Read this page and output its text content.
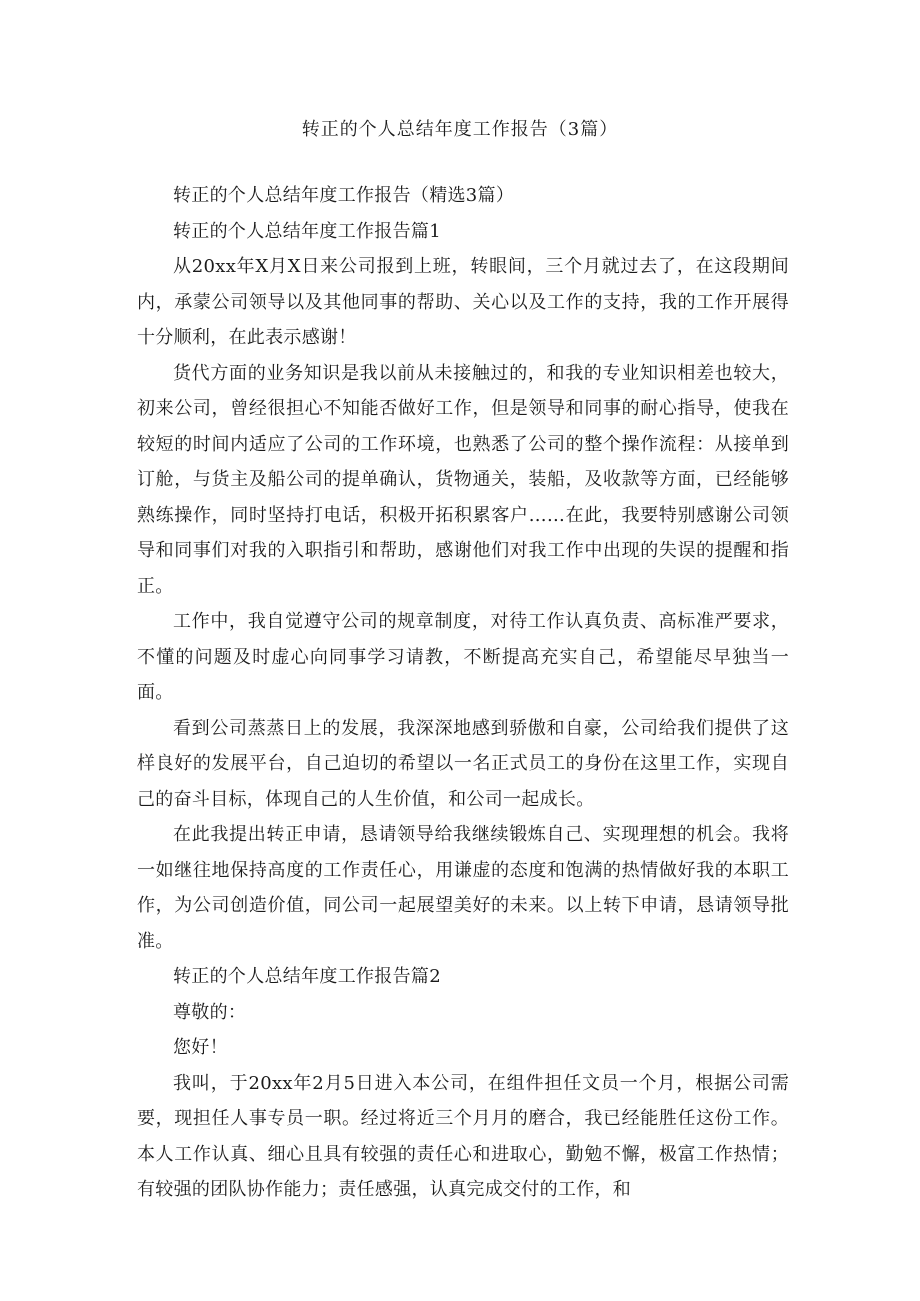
转正的个人总结年度工作报告（3篇）

转正的个人总结年度工作报告（精选3篇）

转正的个人总结年度工作报告篇1

从20xx年X月X日来公司报到上班，转眼间，三个月就过去了，在这段期间内，承蒙公司领导以及其他同事的帮助、关心以及工作的支持，我的工作开展得十分顺利，在此表示感谢！

货代方面的业务知识是我以前从未接触过的，和我的专业知识相差也较大，初来公司，曾经很担心不知能否做好工作，但是领导和同事的耐心指导，使我在较短的时间内适应了公司的工作环境，也熟悉了公司的整个操作流程：从接单到订舱，与货主及船公司的提单确认，货物通关，装船，及收款等方面，已经能够熟练操作，同时坚持打电话，积极开拓积累客户……在此，我要特别感谢公司领导和同事们对我的入职指引和帮助，感谢他们对我工作中出现的失误的提醒和指正。

工作中，我自觉遵守公司的规章制度，对待工作认真负责、高标准严要求，不懂的问题及时虚心向同事学习请教，不断提高充实自己，希望能尽早独当一面。

看到公司蒸蒸日上的发展，我深深地感到骄傲和自豪，公司给我们提供了这样良好的发展平台，自己迫切的希望以一名正式员工的身份在这里工作，实现自己的奋斗目标，体现自己的人生价值，和公司一起成长。

在此我提出转正申请，恳请领导给我继续锻炼自己、实现理想的机会。我将一如继往地保持高度的工作责任心，用谦虚的态度和饱满的热情做好我的本职工作，为公司创造价值，同公司一起展望美好的未来。以上转下申请，恳请领导批准。

转正的个人总结年度工作报告篇2

尊敬的：

您好！

我叫，于20xx年2月5日进入本公司，在组件担任文员一个月，根据公司需要，现担任人事专员一职。经过将近三个月月的磨合，我已经能胜任这份工作。本人工作认真、细心且具有较强的责任心和进取心，勤勉不懈，极富工作热情；有较强的团队协作能力；责任感强，认真完成交付的工作，和
